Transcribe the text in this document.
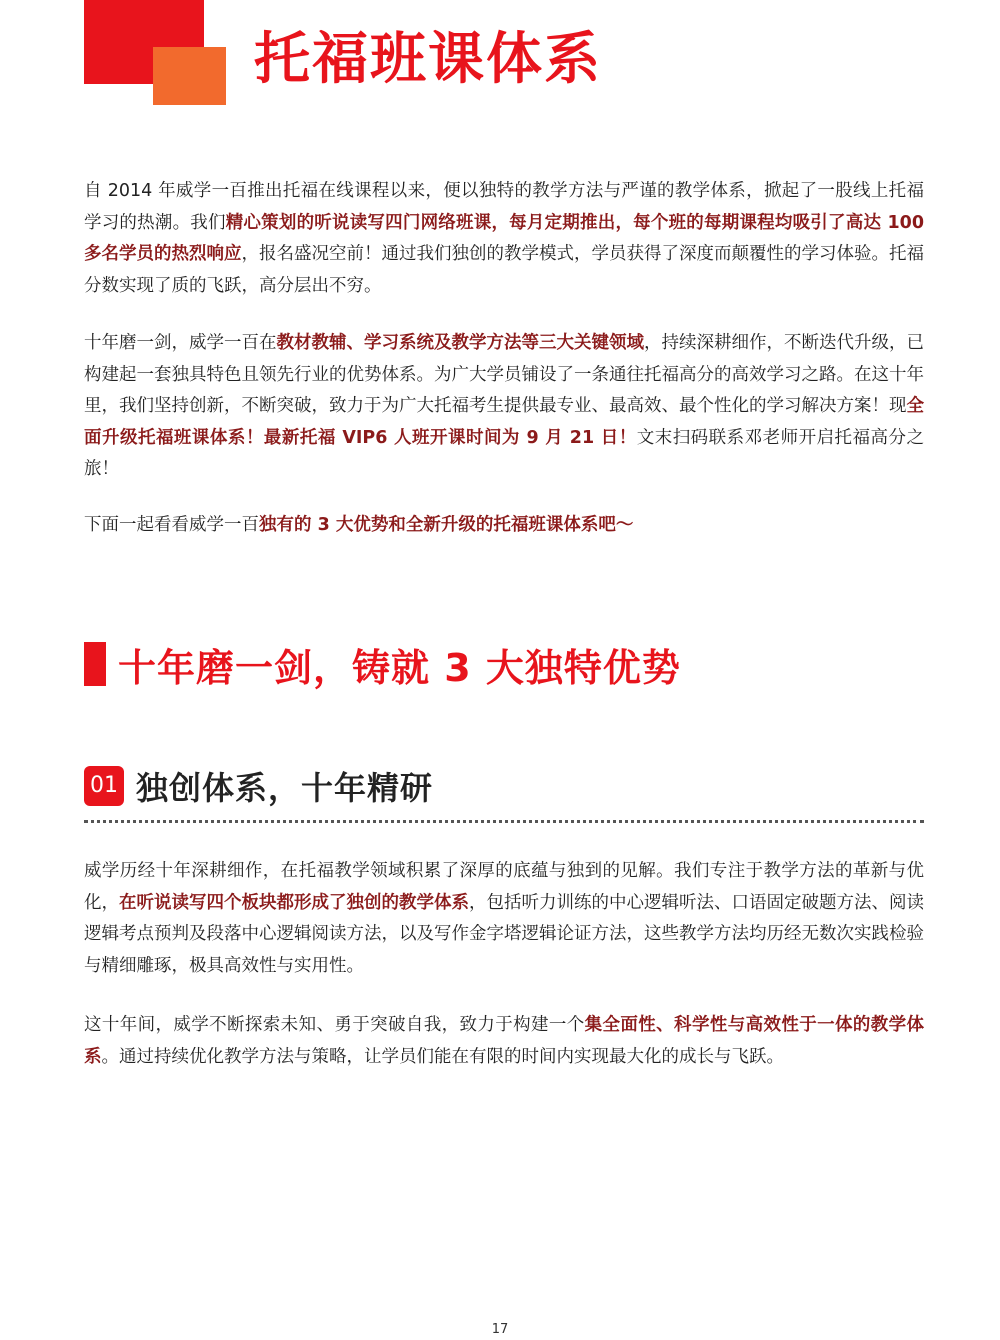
托福班课体系

自 2014 年威学一百推出托福在线课程以来，便以独特的教学方法与严谨的教学体系，掀起了一股线上托福学习的热潮。我们精心策划的听说读写四门网络班课，每月定期推出，每个班的每期课程均吸引了高达 100 多名学员的热烈响应，报名盛况空前！通过我们独创的教学模式，学员获得了深度而颠覆性的学习体验。托福分数实现了质的飞跃，高分层出不穷。

十年磨一剑，威学一百在教材教辅、学习系统及教学方法等三大关键领域，持续深耕细作，不断迭代升级，已构建起一套独具特色且领先行业的优势体系。为广大学员铺设了一条通往托福高分的高效学习之路。在这十年里，我们坚持创新，不断突破，致力于为广大托福考生提供最专业、最高效、最个性化的学习解决方案！现全面升级托福班课体系！最新托福 VIP6 人班开课时间为 9 月 21 日！文末扫码联系邓老师开启托福高分之旅！

下面一起看看威学一百独有的 3 大优势和全新升级的托福班课体系吧～

十年磨一剑，铸就 3 大独特优势
01 独创体系，十年精研

威学历经十年深耕细作，在托福教学领域积累了深厚的底蕴与独到的见解。我们专注于教学方法的革新与优化，在听说读写四个板块都形成了独创的教学体系，包括听力训练的中心逻辑听法、口语固定破题方法、阅读逻辑考点预判及段落中心逻辑阅读方法，以及写作金字塔逻辑论证方法，这些教学方法均历经无数次实践检验与精细雕琢，极具高效性与实用性。

这十年间，威学不断探索未知、勇于突破自我，致力于构建一个集全面性、科学性与高效性于一体的教学体系。通过持续优化教学方法与策略，让学员们能在有限的时间内实现最大化的成长与飞跃。

17
